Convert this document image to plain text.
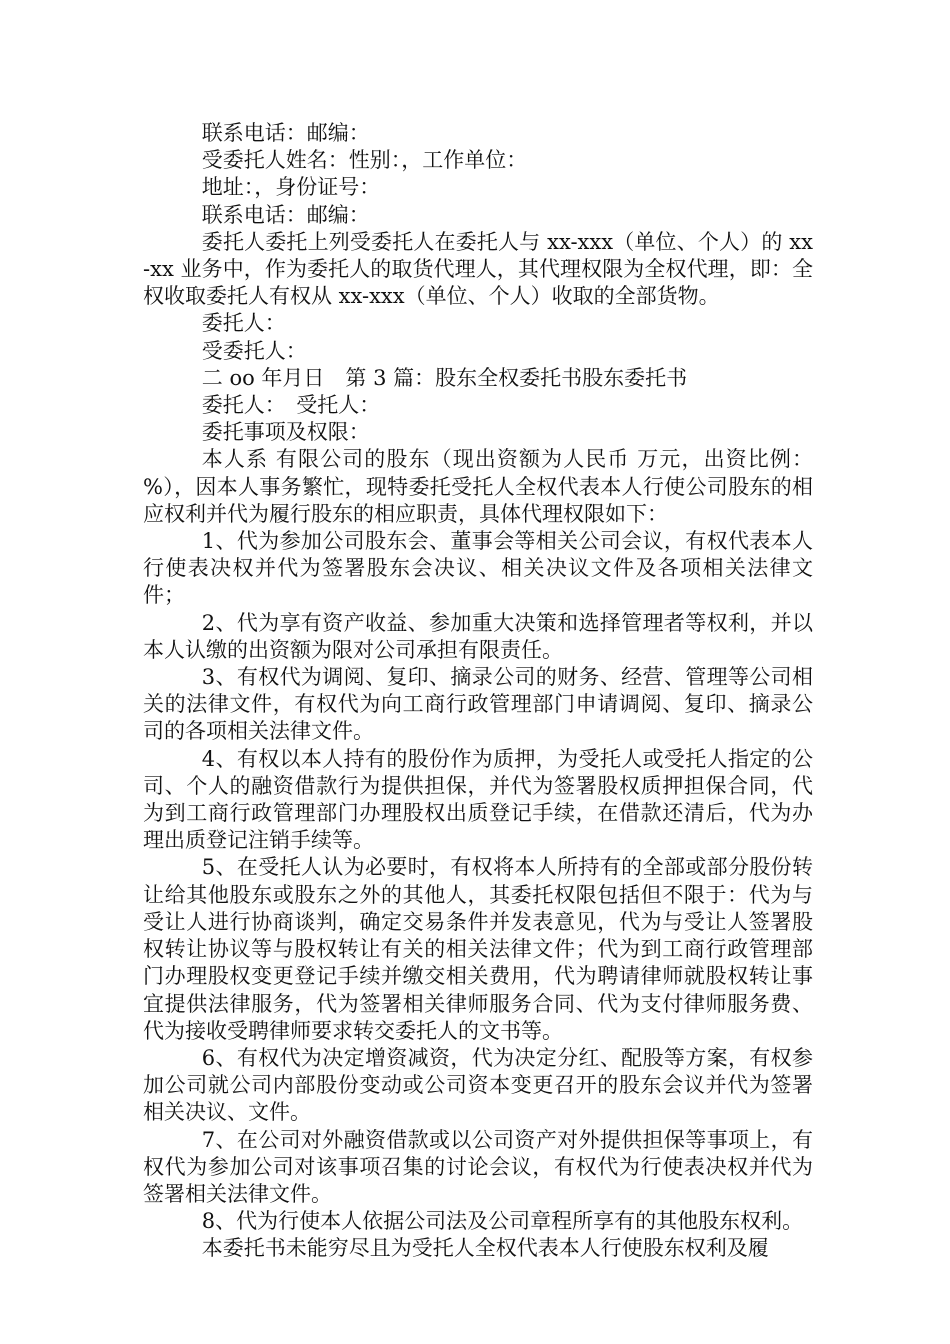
联系电话：邮编：

受委托人姓名：性别：，工作单位：

地址：，身份证号：

联系电话：邮编：

委托人委托上列受委托人在委托人与 xx-xxx（单位、个人）的 xx-xx 业务中，作为委托人的取货代理人，其代理权限为全权代理，即：全权收取委托人有权从 xx-xxx（单位、个人）收取的全部货物。

委托人：

受委托人：

二 oo 年月日　第 3 篇：股东全权委托书股东委托书

委托人：　受托人：

委托事项及权限：

本人系 有限公司的股东（现出资额为人民币 万元，出资比例：%），因本人事务繁忙，现特委托受托人全权代表本人行使公司股东的相应权利并代为履行股东的相应职责，具体代理权限如下：

1、代为参加公司股东会、董事会等相关公司会议，有权代表本人行使表决权并代为签署股东会决议、相关决议文件及各项相关法律文件；

2、代为享有资产收益、参加重大决策和选择管理者等权利，并以本人认缴的出资额为限对公司承担有限责任。

3、有权代为调阅、复印、摘录公司的财务、经营、管理等公司相关的法律文件，有权代为向工商行政管理部门申请调阅、复印、摘录公司的各项相关法律文件。

4、有权以本人持有的股份作为质押，为受托人或受托人指定的公司、个人的融资借款行为提供担保，并代为签署股权质押担保合同，代为到工商行政管理部门办理股权出质登记手续，在借款还清后，代为办理出质登记注销手续等。

5、在受托人认为必要时，有权将本人所持有的全部或部分股份转让给其他股东或股东之外的其他人，其委托权限包括但不限于：代为与受让人进行协商谈判，确定交易条件并发表意见，代为与受让人签署股权转让协议等与股权转让有关的相关法律文件；代为到工商行政管理部门办理股权变更登记手续并缴交相关费用，代为聘请律师就股权转让事宜提供法律服务，代为签署相关律师服务合同、代为支付律师服务费、代为接收受聘律师要求转交委托人的文书等。

6、有权代为决定增资减资，代为决定分红、配股等方案，有权参加公司就公司内部股份变动或公司资本变更召开的股东会议并代为签署相关决议、文件。

7、在公司对外融资借款或以公司资产对外提供担保等事项上，有权代为参加公司对该事项召集的讨论会议，有权代为行使表决权并代为签署相关法律文件。

8、代为行使本人依据公司法及公司章程所享有的其他股东权利。

本委托书未能穷尽且为受托人全权代表本人行使股东权利及履
